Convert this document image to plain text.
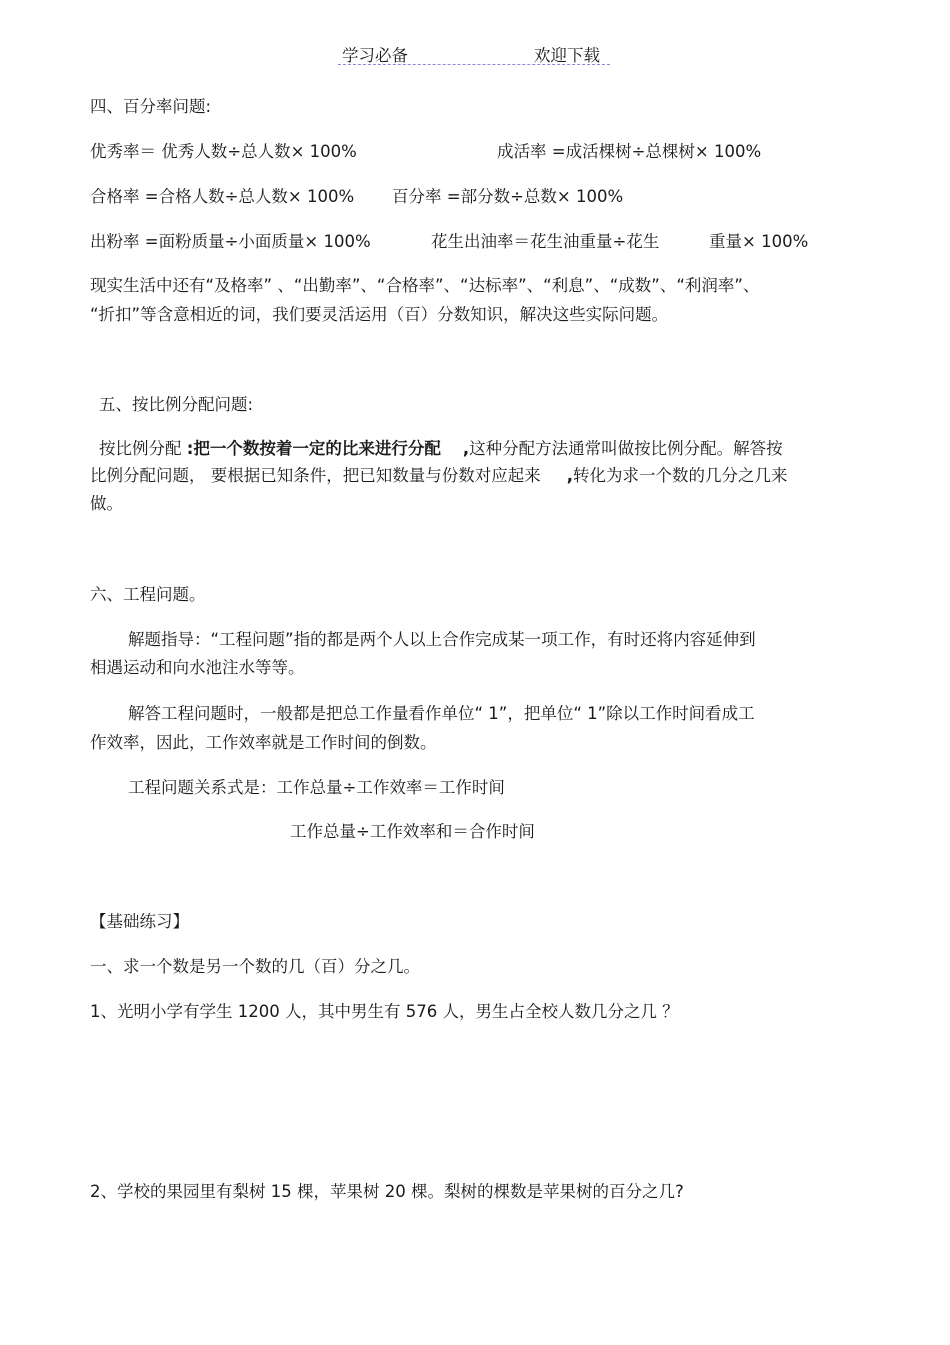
学习必备	欢迎下载
四、百分率问题:
优秀率＝ 优秀人数÷总人数× 100%	成活率 =成活棵树÷总棵树× 100%
合格率 =合格人数÷总人数× 100% 百分率 =部分数÷总数× 100%
出粉率 =面粉质量÷小面质量× 100%	花生出油率＝花生油重量÷花生	重量× 100%
现实生活中还有“及格率” 、“出勤率”、“合格率”、“达标率”、“利息”、“成数”、“利润率”、
“折扣”等含意相近的词，我们要灵活运用（百）分数知识，解决这些实际问题。
五、按比例分配问题:
按比例分配 :把一个数按着一定的比来进行分配 ,这种分配方法通常叫做按比例分配。解答按
比例分配问题， 要根据已知条件，把已知数量与份数对应起来 ,转化为求一个数的几分之几来
做。
六、工程问题。
解题指导：“工程问题”指的都是两个人以上合作完成某一项工作，有时还将内容延伸到
相遇运动和向水池注水等等。
解答工程问题时，一般都是把总工作量看作单位“ 1”，把单位“ 1”除以工作时间看成工
作效率，因此，工作效率就是工作时间的倒数。
工程问题关系式是：工作总量÷工作效率＝工作时间
工作总量÷工作效率和＝合作时间
【基础练习】
一、求一个数是另一个数的几（百）分之几。
1、光明小学有学生 1200 人，其中男生有 576 人，男生占全校人数几分之几 ？
2、学校的果园里有梨树 15 棵，苹果树 20 棵。梨树的棵数是苹果树的百分之几?
